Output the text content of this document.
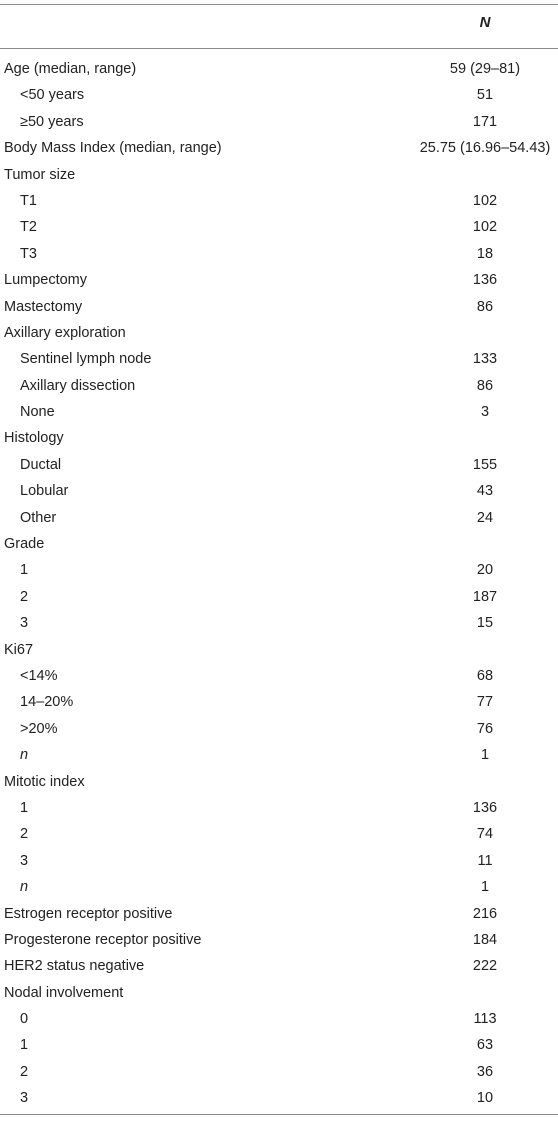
N
Age (median, range)	59 (29–81)
<50 years	51
≥50 years	171
Body Mass Index (median, range)	25.75 (16.96–54.43)
Tumor size
T1	102
T2	102
T3	18
Lumpectomy	136
Mastectomy	86
Axillary exploration
Sentinel lymph node	133
Axillary dissection	86
None	3
Histology
Ductal	155
Lobular	43
Other	24
Grade
1	20
2	187
3	15
Ki67
<14%	68
14–20%	77
>20%	76
n	1
Mitotic index
1	136
2	74
3	11
n	1
Estrogen receptor positive	216
Progesterone receptor positive	184
HER2 status negative	222
Nodal involvement
0	113
1	63
2	36
3	10
